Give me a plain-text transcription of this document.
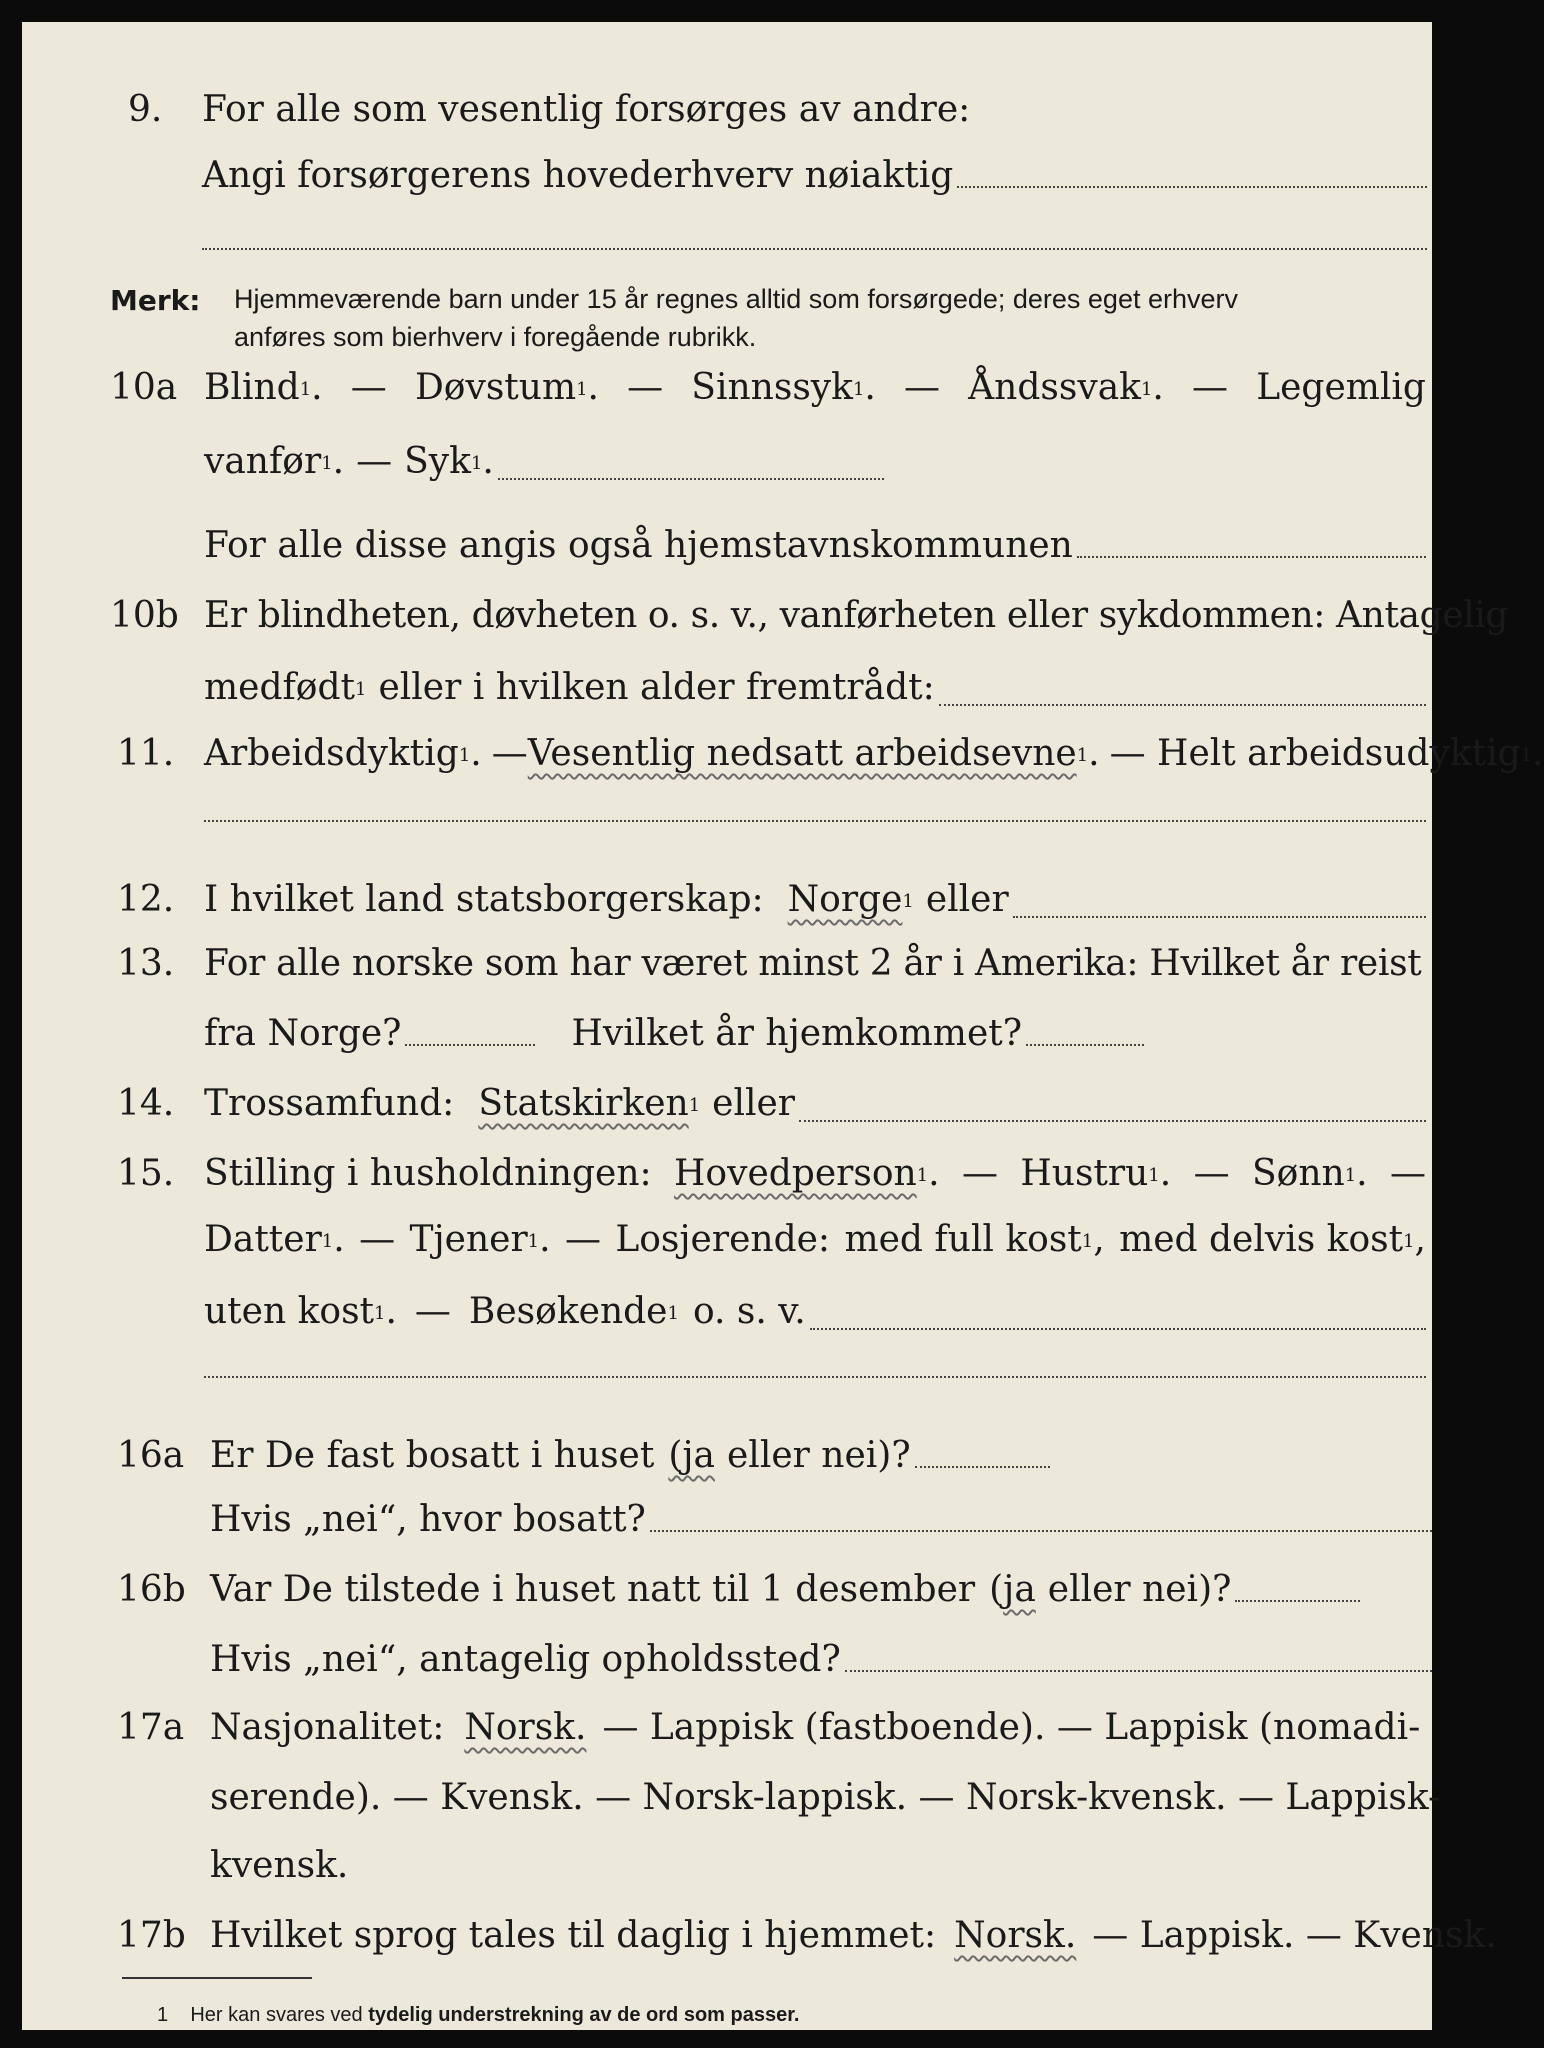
9. For alle som vesentlig forsørges av andre:
Angi forsørgerens hovederhverv nøiaktig
Merk: Hjemmeværende barn under 15 år regnes alltid som forsørgede; deres eget erhverv
anføres som bierhverv i foregående rubrikk.
10a Blind$^1$. — Døvstum$^1$. — Sinnssyk$^1$. — Åndssvak$^1$. — Legemlig
vanfør$^1$ . — Syk$^1$ .
For alle disse angis også hjemstavnskommunen
10b Er blindheten, døvheten o. s. v., vanførheten eller sykdommen: Antagelig
medfødt$^1$ eller i hvilken alder fremtrådt:
11. Arbeidsdyktig$^1$ . — Vesentlig nedsatt arbeidsevne$^1$ . — Helt arbeidsudyktig$^1$ .
12. I hvilket land statsborgerskap: Norge$^1$ eller
13. For alle norske som har været minst 2 år i Amerika: Hvilket år reist
fra Norge?	Hvilket år hjemkommet?
14. Trossamfund: Statskirken$^1$ eller
15. Stilling i husholdningen: Hovedperson$^1$. — Hustru$^1$. — Sønn$^1$. —
Datter$^1$. — Tjener$^1$. — Losjerende: med full kost$^1$, med delvis kost$^1$,
uten kost$^1$ . — Besøkende$^1$ o. s. v.
16a Er De fast bosatt i huset (ja eller nei)?
Hvis „nei“, hvor bosatt?
16b Var De tilstede i huset natt til 1 desember ( ja eller nei)?
Hvis „nei“, antagelig opholdssted?
17a Nasjonalitet: Norsk. — Lappisk (fastboende). — Lappisk (nomadi-
serende). — Kvensk. — Norsk-lappisk. — Norsk-kvensk. — Lappisk-
kvensk.
17b Hvilket sprog tales til daglig i hjemmet: Norsk. — Lappisk. — Kvensk.
1 Her kan svares ved tydelig understrekning av de ord som passer.
